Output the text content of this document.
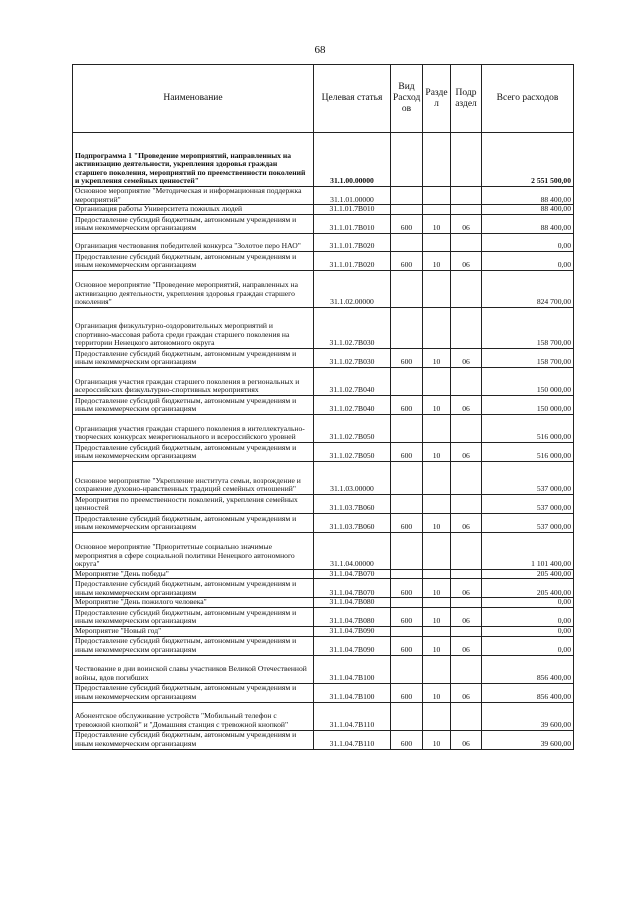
68
Наименование	Целевая статья	Вид Расход ов	Разде л	Подр аздел	Всего расходов
Подпрограмма 1 "Проведение мероприятий, направленных на активизацию деятельности, укрепления здоровья граждан старшего поколения, мероприятий по преемственности поколений и укрепления семейных ценностей"	31.1.00.00000				2 551 500,00
Основное мероприятие "Методическая и информационная поддержка мероприятий"	31.1.01.00000				88 400,00
Организация работы Университета пожилых людей	31.1.01.7В010				88 400,00
Предоставление субсидий бюджетным, автономным учреждениям и иным некоммерческим организациям	31.1.01.7В010	600	10	06	88 400,00
Организация чествования победителей конкурса "Золотое перо НАО"	31.1.01.7В020				0,00
Предоставление субсидий бюджетным, автономным учреждениям и иным некоммерческим организациям	31.1.01.7В020	600	10	06	0,00
Основное мероприятие "Проведение мероприятий, направленных на активизацию деятельности, укрепления здоровья граждан старшего поколения"	31.1.02.00000				824 700,00
Организация физкультурно-оздоровительных мероприятий и спортивно-массовая работа среди граждан старшего поколения на территории Ненецкого автономного округа	31.1.02.7В030				158 700,00
Предоставление субсидий бюджетным, автономным учреждениям и иным некоммерческим организациям	31.1.02.7В030	600	10	06	158 700,00
Организация участия граждан старшего поколения в региональных и всероссийских физкультурно-спортивных мероприятиях	31.1.02.7В040				150 000,00
Предоставление субсидий бюджетным, автономным учреждениям и иным некоммерческим организациям	31.1.02.7В040	600	10	06	150 000,00
Организация участия граждан старшего поколения в интеллектуально-творческих конкурсах межрегионального и всероссийского уровней	31.1.02.7В050				516 000,00
Предоставление субсидий бюджетным, автономным учреждениям и иным некоммерческим организациям	31.1.02.7В050	600	10	06	516 000,00
Основное мероприятие "Укрепление института семьи, возрождение и сохранение духовно-нравственных традиций семейных отношений"	31.1.03.00000				537 000,00
Мероприятия по преемственности поколений, укрепления семейных ценностей	31.1.03.7В060				537 000,00
Предоставление субсидий бюджетным, автономным учреждениям и иным некоммерческим организациям	31.1.03.7В060	600	10	06	537 000,00
Основное мероприятие "Приоритетные социально значимые мероприятия в сфере социальной политики Ненецкого автономного округа"	31.1.04.00000				1 101 400,00
Мероприятие "День победы"	31.1.04.7В070				205 400,00
Предоставление субсидий бюджетным, автономным учреждениям и иным некоммерческим организациям	31.1.04.7В070	600	10	06	205 400,00
Мероприятие "День пожилого человека"	31.1.04.7В080				0,00
Предоставление субсидий бюджетным, автономным учреждениям и иным некоммерческим организациям	31.1.04.7В080	600	10	06	0,00
Мероприятие "Новый год"	31.1.04.7В090				0,00
Предоставление субсидий бюджетным, автономным учреждениям и иным некоммерческим организациям	31.1.04.7В090	600	10	06	0,00
Чествование в дни воинской славы участников Великой Отечественной войны, вдов погибших	31.1.04.7В100				856 400,00
Предоставление субсидий бюджетным, автономным учреждениям и иным некоммерческим организациям	31.1.04.7В100	600	10	06	856 400,00
Абонентское обслуживание устройств "Мобильный телефон с тревожной кнопкой" и "Домашняя станция с тревожной кнопкой"	31.1.04.7В110				39 600,00
Предоставление субсидий бюджетным, автономным учреждениям и иным некоммерческим организациям	31.1.04.7В110	600	10	06	39 600,00
